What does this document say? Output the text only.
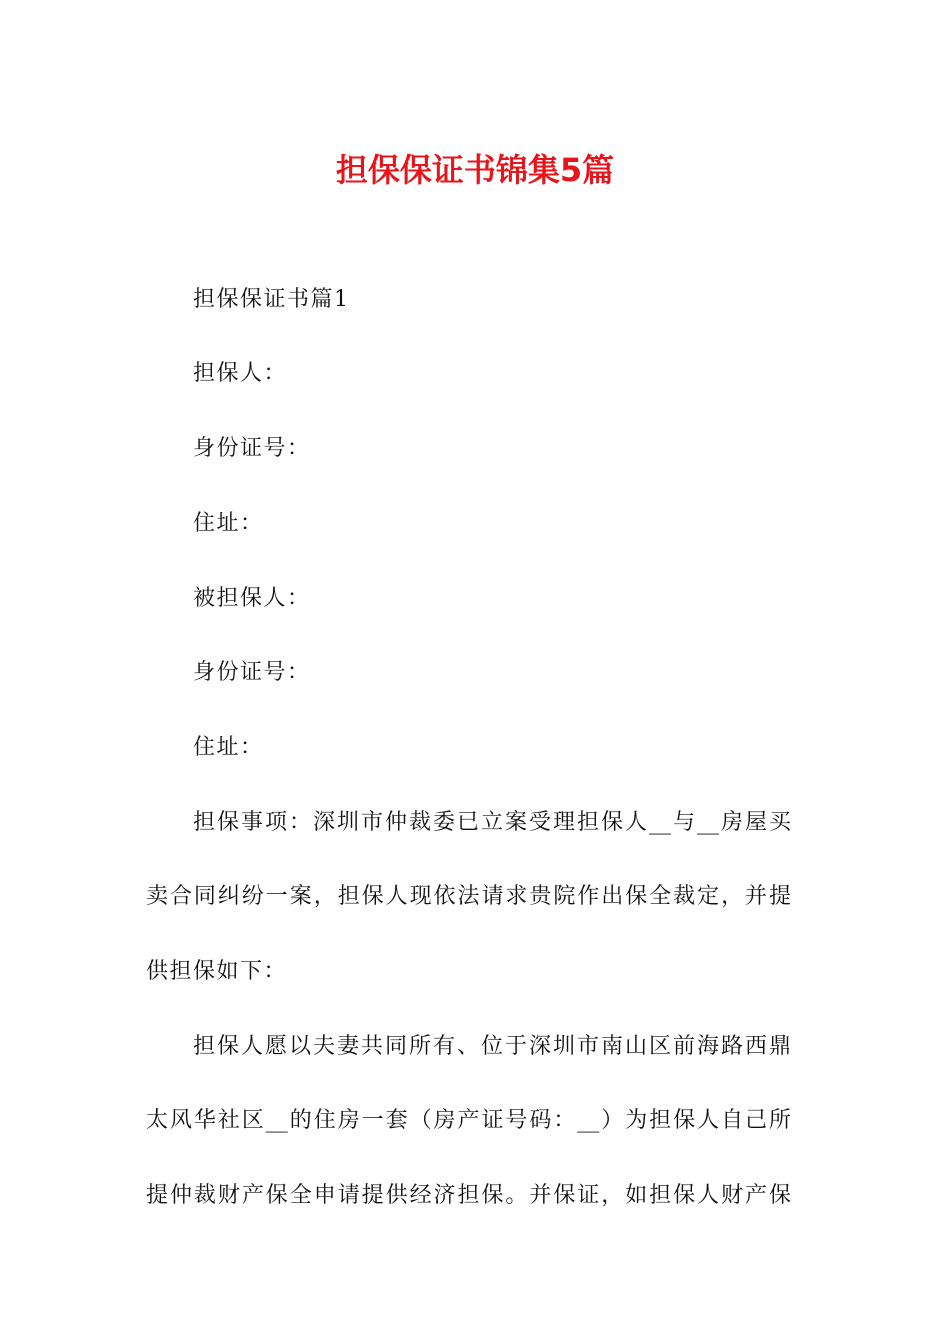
担保保证书锦集5篇

担保保证书篇1

担保人：

身份证号：

住址：

被担保人：

身份证号：

住址：

担保事项：深圳市仲裁委已立案受理担保人__与__房屋买

卖合同纠纷一案，担保人现依法请求贵院作出保全裁定，并提

供担保如下：

担保人愿以夫妻共同所有、位于深圳市南山区前海路西鼎

太风华社区__的住房一套（房产证号码：__）为担保人自己所

提仲裁财产保全申请提供经济担保。并保证，如担保人财产保
